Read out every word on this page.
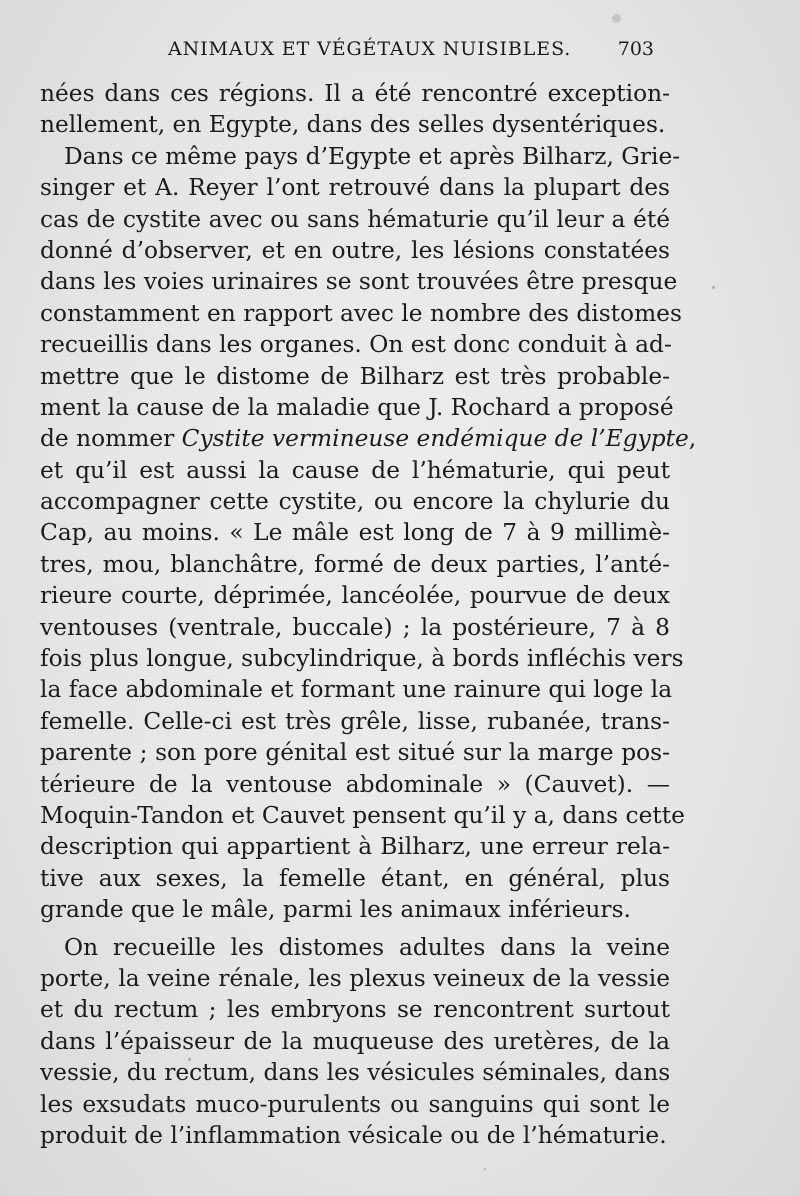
ANIMAUX ET VÉGÉTAUX NUISIBLES. 703
nées dans ces régions. Il a été rencontré exception-
nellement, en Egypte, dans des selles dysentériques.
Dans ce même pays d’Egypte et après Bilharz, Grie-
singer et A. Reyer l’ont retrouvé dans la plupart des
cas de cystite avec ou sans hématurie qu’il leur a été
donné d’observer, et en outre, les lésions constatées
dans les voies urinaires se sont trouvées être presque
constamment en rapport avec le nombre des distomes
recueillis dans les organes. On est donc conduit à ad-
mettre que le distome de Bilharz est très probable-
ment la cause de la maladie que J. Rochard a proposé
de nommer Cystite vermineuse endémique de l’Egypte,
et qu’il est aussi la cause de l’hématurie, qui peut
accompagner cette cystite, ou encore la chylurie du
Cap, au moins. « Le mâle est long de 7 à 9 millimè-
tres, mou, blanchâtre, formé de deux parties, l’anté-
rieure courte, déprimée, lancéolée, pourvue de deux
ventouses (ventrale, buccale) ; la postérieure, 7 à 8
fois plus longue, subcylindrique, à bords infléchis vers
la face abdominale et formant une rainure qui loge la
femelle. Celle-ci est très grêle, lisse, rubanée, trans-
parente ; son pore génital est situé sur la marge pos-
térieure de la ventouse abdominale » (Cauvet). —
Moquin-Tandon et Cauvet pensent qu’il y a, dans cette
description qui appartient à Bilharz, une erreur rela-
tive aux sexes, la femelle étant, en général, plus
grande que le mâle, parmi les animaux inférieurs.
On recueille les distomes adultes dans la veine
porte, la veine rénale, les plexus veineux de la vessie
et du rectum ; les embryons se rencontrent surtout
dans l’épaisseur de la muqueuse des uretères, de la
vessie, du rectum, dans les vésicules séminales, dans
les exsudats muco-purulents ou sanguins qui sont le
produit de l’inflammation vésicale ou de l’hématurie.
